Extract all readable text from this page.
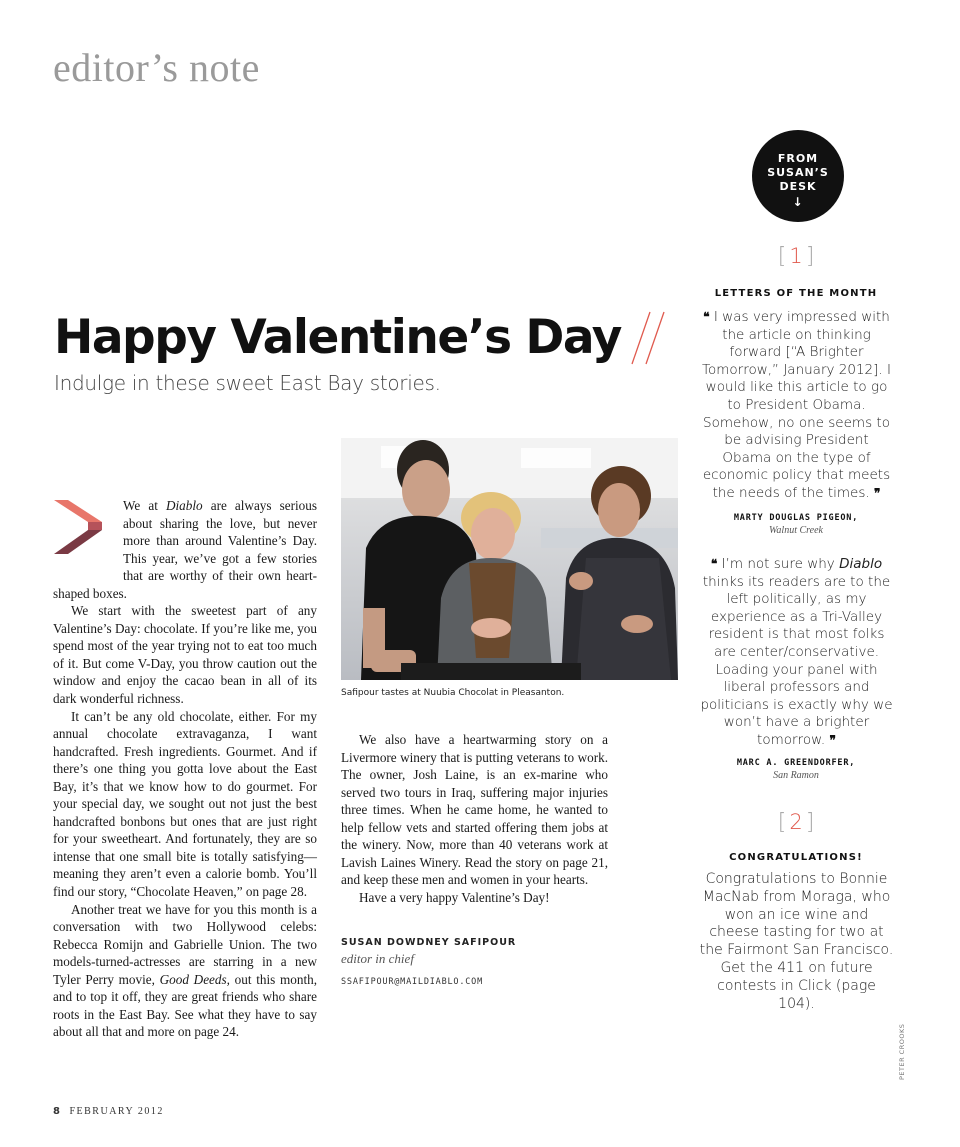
editor’s note
FROM
SUSAN’S
DESK
↓
Happy Valentine’s Day

Indulge in these sweet East Bay stories.

We at Diablo are always serious about sharing the love, but never more than around Valentine’s Day. This year, we’ve got a few stories that are worthy of their own heart-shaped boxes.

We start with the sweetest part of any Valentine’s Day: chocolate. If you’re like me, you spend most of the year trying not to eat too much of it. But come V-Day, you throw caution out the window and enjoy the cacao bean in all of its dark wonderful richness.

It can’t be any old chocolate, either. For my annual chocolate extravaganza, I want handcrafted. Fresh ingredients. Gourmet. And if there’s one thing you gotta love about the East Bay, it’s that we know how to do gourmet. For your special day, we sought out not just the best handcrafted bonbons but ones that are just right for your sweetheart. And fortunately, they are so intense that one small bite is totally satisfying—meaning they aren’t even a calorie bomb. You’ll find our story, “Chocolate Heaven,” on page 28.

Another treat we have for you this month is a conversation with two Hollywood celebs: Rebecca Romijn and Gabrielle Union. The two models-turned-actresses are starring in a new Tyler Perry movie, Good Deeds, out this month, and to top it off, they are great friends who share roots in the East Bay. See what they have to say about all that and more on page 24.

Safipour tastes at Nuubia Chocolat in Pleasanton.

We also have a heartwarming story on a Livermore winery that is putting veterans to work. The owner, Josh Laine, is an ex-marine who served two tours in Iraq, suffering major injuries three times. When he came home, he wanted to help fellow vets and started offering them jobs at the winery. Now, more than 40 veterans work at Lavish Laines Winery. Read the story on page 21, and keep these men and women in your hearts.

Have a very happy Valentine’s Day!

SUSAN DOWDNEY SAFIPOUR

editor in chief

SSAFIPOUR@MAILDIABLO.COM

[ 1 ]
LETTERS OF THE MONTH

❝ I was very impressed with the article on thinking forward [“A Brighter Tomorrow,” January 2012]. I would like this article to go to President Obama. Somehow, no one seems to be advising President Obama on the type of economic policy that meets the needs of the times. ❞

MARTY DOUGLAS PIGEON,

Walnut Creek

❝ I’m not sure why Diablo thinks its readers are to the left politically, as my experience as a Tri-Valley resident is that most folks are center/conservative. Loading your panel with liberal professors and politicians is exactly why we won’t have a brighter tomorrow. ❞

MARC A. GREENDORFER,

San Ramon

[ 2 ]
CONGRATULATIONS!

Congratulations to Bonnie MacNab from Moraga, who won an ice wine and cheese tasting for two at the Fairmont San Francisco. Get the 411 on future contests in Click (page 104).

PETER CROOKS

8 FEBRUARY 2012
